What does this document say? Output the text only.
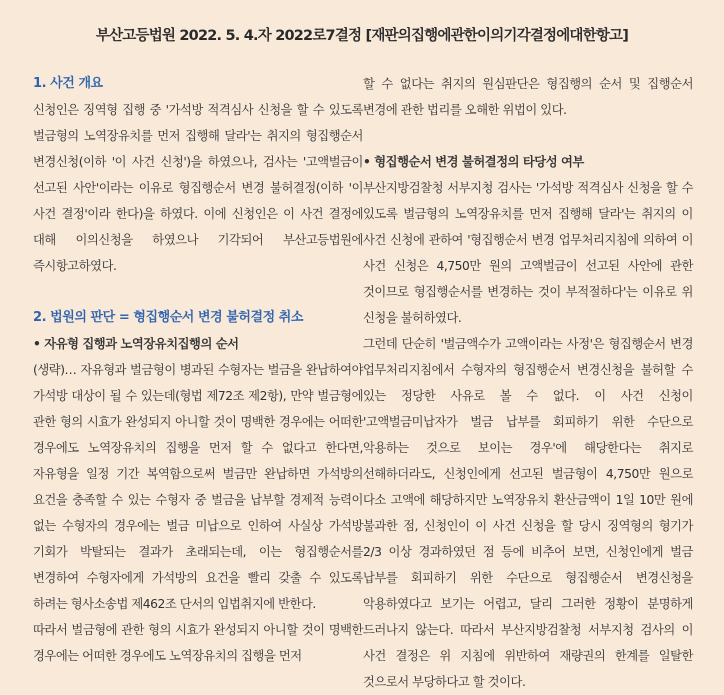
부산고등법원 2022. 5. 4.자 2022로7결정 [재판의집행에관한이의기각결정에대한항고]

1. 사건 개요

신청인은 징역형 집행 중 '가석방 적격심사 신청을 할 수 있도록 벌금형의 노역장유치를 먼저 집행해 달라'는 취지의 형집행순서 변경신청(이하 '이 사건 신청')을 하였으나, 검사는 '고액벌금이 선고된 사안'이라는 이유로 형집행순서 변경 불허결정(이하 '이 사건 결정'이라 한다)을 하였다. 이에 신청인은 이 사건 결정에 대해 이의신청을 하였으나 기각되어 부산고등법원에 즉시항고하였다.

2. 법원의 판단 = 형집행순서 변경 불허결정 취소

• 자유형 집행과 노역장유치집행의 순서

(생략)… 자유형과 벌금형이 병과된 수형자는 벌금을 완납하여야 가석방 대상이 될 수 있는데(형법 제72조 제2항), 만약 벌금형에 관한 형의 시효가 완성되지 아니할 것이 명백한 경우에는 어떠한 경우에도 노역장유치의 집행을 먼저 할 수 없다고 한다면, 자유형을 일정 기간 복역함으로써 벌금만 완납하면 가석방의 요건을 충족할 수 있는 수형자 중 벌금을 납부할 경제적 능력이 없는 수형자의 경우에는 벌금 미납으로 인하여 사실상 가석방 기회가 박탈되는 결과가 초래되는데, 이는 형집행순서를 변경하여 수형자에게 가석방의 요건을 빨리 갖출 수 있도록 하려는 형사소송법 제462조 단서의 입법취지에 반한다.

따라서 벌금형에 관한 형의 시효가 완성되지 아니할 것이 명백한 경우에는 어떠한 경우에도 노역장유치의 집행을 먼저

할 수 없다는 취지의 원심판단은 형집행의 순서 및 집행순서 변경에 관한 법리를 오해한 위법이 있다.

• 형집행순서 변경 불허결정의 타당성 여부

부산지방검찰청 서부지청 검사는 '가석방 적격심사 신청을 할 수 있도록 벌금형의 노역장유치를 먼저 집행해 달라'는 취지의 이 사건 신청에 관하여 '형집행순서 변경 업무처리지침에 의하여 이 사건 신청은 4,750만 원의 고액벌금이 선고된 사안에 관한 것이므로 형집행순서를 변경하는 것이 부적절하다'는 이유로 위 신청을 불허하였다.

그런데 단순히 '벌금액수가 고액이라는 사정'은 형집행순서 변경 업무처리지침에서 수형자의 형집행순서 변경신청을 불허할 수 있는 정당한 사유로 볼 수 없다. 이 사건 신청이 '고액벌금미납자가 벌금 납부를 회피하기 위한 수단으로 악용하는 것으로 보이는 경우'에 해당한다는 취지로 선해하더라도, 신청인에게 선고된 벌금형이 4,750만 원으로 다소 고액에 해당하지만 노역장유치 환산금액이 1일 10만 원에 불과한 점, 신청인이 이 사건 신청을 할 당시 징역형의 형기가 2/3 이상 경과하였던 점 등에 비추어 보면, 신청인에게 벌금 납부를 회피하기 위한 수단으로 형집행순서 변경신청을 악용하였다고 보기는 어렵고, 달리 그러한 정황이 분명하게 드러나지 않는다. 따라서 부산지방검찰청 서부지청 검사의 이 사건 결정은 위 지침에 위반하여 재량권의 한계를 일탈한 것으로서 부당하다고 할 것이다.
